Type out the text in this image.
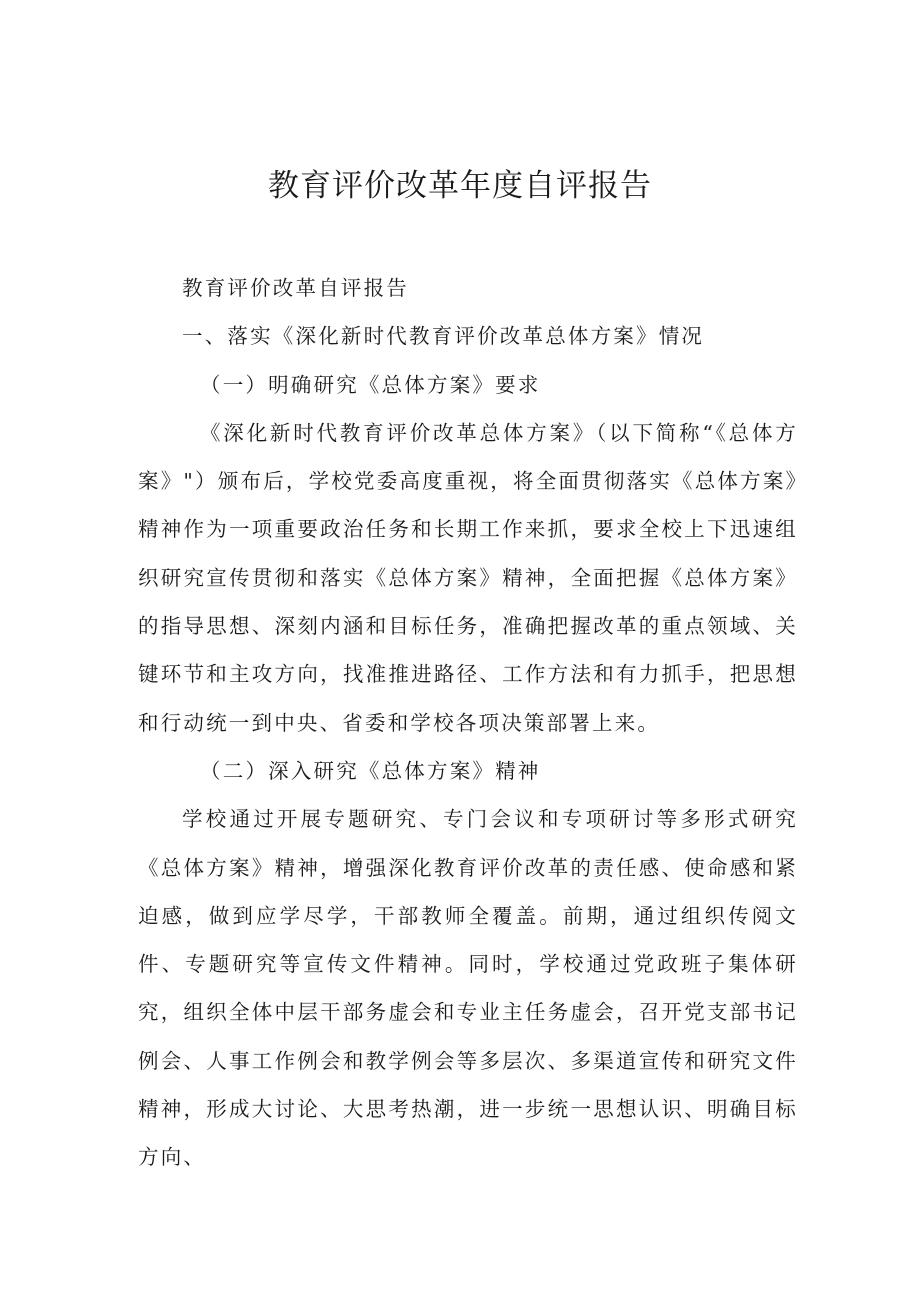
教育评价改革年度自评报告

教育评价改革自评报告

一、落实《深化新时代教育评价改革总体方案》情况

（一）明确研究《总体方案》要求

《深化新时代教育评价改革总体方案》（以下简称“《总体方案》"）颁布后，学校党委高度重视，将全面贯彻落实《总体方案》精神作为一项重要政治任务和长期工作来抓，要求全校上下迅速组织研究宣传贯彻和落实《总体方案》精神，全面把握《总体方案》的指导思想、深刻内涵和目标任务，准确把握改革的重点领域、关键环节和主攻方向，找准推进路径、工作方法和有力抓手，把思想和行动统一到中央、省委和学校各项决策部署上来。

（二）深入研究《总体方案》精神

学校通过开展专题研究、专门会议和专项研讨等多形式研究《总体方案》精神，增强深化教育评价改革的责任感、使命感和紧迫感，做到应学尽学，干部教师全覆盖。前期，通过组织传阅文件、专题研究等宣传文件精神。同时，学校通过党政班子集体研究，组织全体中层干部务虚会和专业主任务虚会，召开党支部书记例会、人事工作例会和教学例会等多层次、多渠道宣传和研究文件精神，形成大讨论、大思考热潮，进一步统一思想认识、明确目标方向、
